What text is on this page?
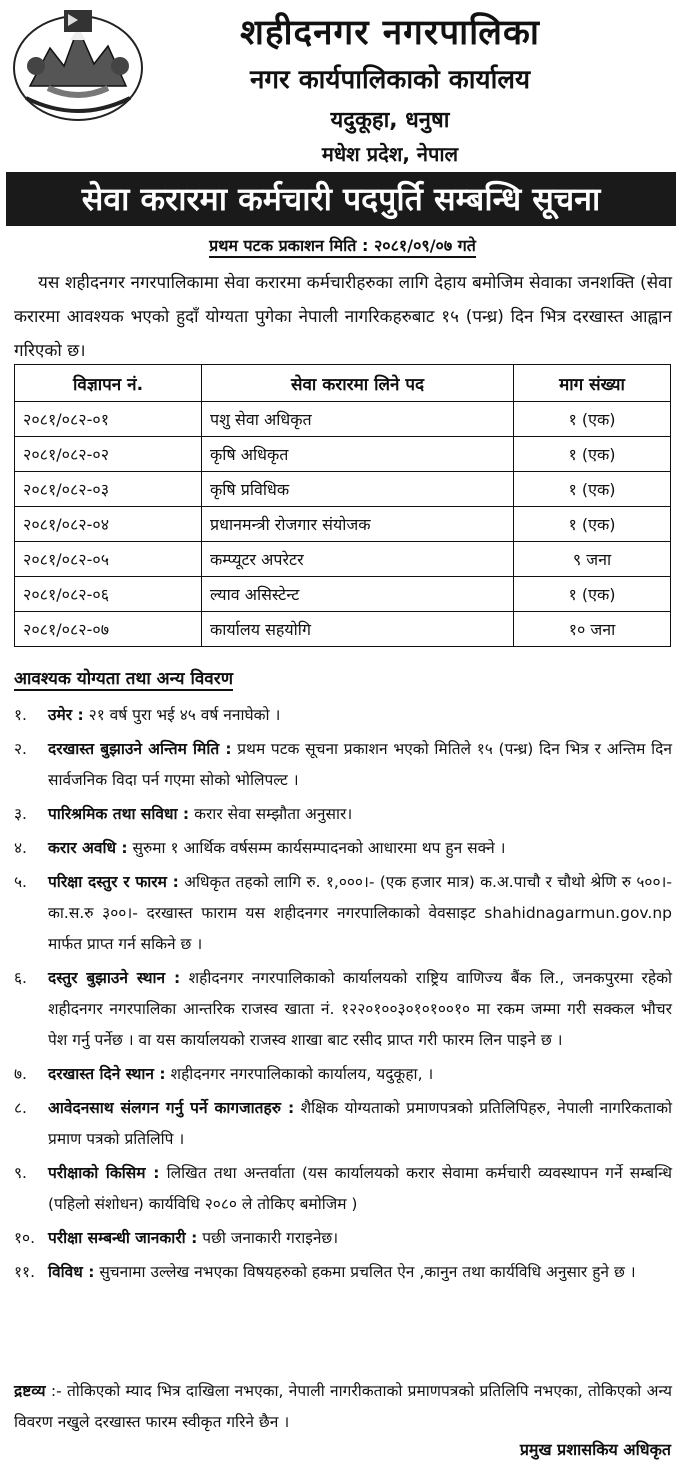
शहीदनगर नगरपालिका
नगर कार्यपालिकाको कार्यालय
यदुकूहा, धनुषा
मधेश प्रदेश, नेपाल
सेवा करारमा कर्मचारी पदपुर्ति सम्बन्धि सूचना
प्रथम पटक प्रकाशन मिति : २०८१/०९/०७ गते
यस शहीदनगर नगरपालिकामा सेवा करारमा कर्मचारीहरुका लागि देहाय बमोजिम सेवाका जनशक्ति (सेवा करारमा आवश्यक भएको हुदाँ योग्यता पुगेका नेपाली नागरिकहरुबाट १५ (पन्ध्र) दिन भित्र दरखास्त आह्वान गरिएको छ।
विज्ञापन नं.	सेवा करारमा लिने पद	माग संख्या
२०८१/०८२-०१	पशु सेवा अधिकृत	१ (एक)
२०८१/०८२-०२	कृषि अधिकृत	१ (एक)
२०८१/०८२-०३	कृषि प्रविधिक	१ (एक)
२०८१/०८२-०४	प्रधानमन्त्री रोजगार संयोजक	१ (एक)
२०८१/०८२-०५	कम्प्यूटर अपरेटर	९ जना
२०८१/०८२-०६	ल्याव असिस्टेन्ट	१ (एक)
२०८१/०८२-०७	कार्यालय सहयोगि	१० जना
आवश्यक योग्यता तथा अन्य विवरण
१.	उमेर : २१ वर्ष पुरा भई ४५ वर्ष ननाघेको ।
२.	दरखास्त बुझाउने अन्तिम मिति : प्रथम पटक सूचना प्रकाशन भएको मितिले १५ (पन्ध्र) दिन भित्र र अन्तिम दिन सार्वजनिक विदा पर्न गएमा सोको भोलिपल्ट ।
३.	पारिश्रमिक तथा सविधा : करार सेवा सम्झौता अनुसार।
४.	करार अवधि : सुरुमा १ आर्थिक वर्षसम्म कार्यसम्पादनको आधारमा थप हुन सक्ने ।
५.	परिक्षा दस्तुर र फारम : अधिकृत तहको लागि रु. १,०००।- (एक हजार मात्र) क.अ.पाचौ र चौथो श्रेणि रु ५००।- का.स.रु ३००।- दरखास्त फाराम यस शहीदनगर नगरपालिकाको वेवसाइट shahidnagarmun.gov.np मार्फत प्राप्त गर्न सकिने छ ।
६.	दस्तुर बुझाउने स्थान : शहीदनगर नगरपालिकाको कार्यालयको राष्ट्रिय वाणिज्य बैंक लि., जनकपुरमा रहेको शहीदनगर नगरपालिका आन्तरिक राजस्व खाता नं. १२२०१००३०१०१००१० मा रकम जम्मा गरी सक्कल भौचर पेश गर्नु पर्नेछ । वा यस कार्यालयको राजस्व शाखा बाट रसीद प्राप्त गरी फारम लिन पाइने छ ।
७.	दरखास्त दिने स्थान : शहीदनगर नगरपालिकाको कार्यालय, यदुकूहा, ।
८.	आवेदनसाथ संलगन गर्नु पर्ने कागजातहरु : शैक्षिक योग्यताको प्रमाणपत्रको प्रतिलिपिहरु, नेपाली नागरिकताको प्रमाण पत्रको प्रतिलिपि ।
९.	परीक्षाको किसिम : लिखित तथा अन्तर्वाता (यस कार्यालयको करार सेवामा कर्मचारी व्यवस्थापन गर्ने सम्बन्धि (पहिलो संशोधन) कार्यविधि २०८० ले तोकिए बमोजिम )
१०. परीक्षा सम्बन्धी जानकारी : पछी जनाकारी गराइनेछ।
११. विविध : सुचनामा उल्लेख नभएका विषयहरुको हकमा प्रचलित ऐन ,कानुन तथा कार्यविधि अनुसार हुने छ ।
द्रष्टव्य :- तोकिएको म्याद भित्र दाखिला नभएका, नेपाली नागरीकताको प्रमाणपत्रको प्रतिलिपि नभएका, तोकिएको अन्य विवरण नखुले दरखास्त फारम स्वीकृत गरिने छैन ।
प्रमुख प्रशासकिय अधिकृत
